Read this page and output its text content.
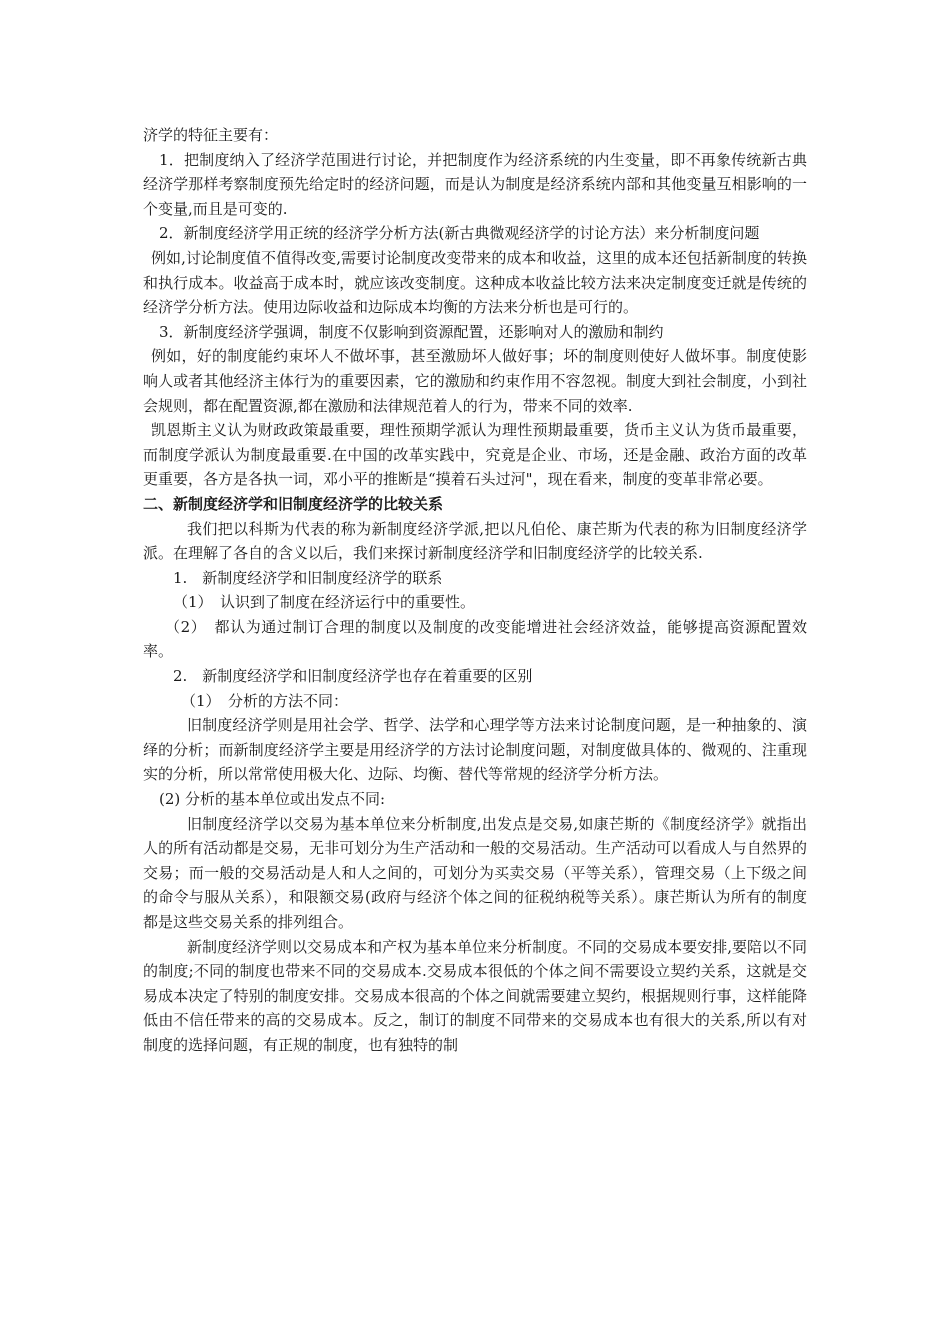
济学的特征主要有：

1．把制度纳入了经济学范围进行讨论，并把制度作为经济系统的内生变量，即不再象传统新古典经济学那样考察制度预先给定时的经济问题，而是认为制度是经济系统内部和其他变量互相影响的一个变量,而且是可变的.

2．新制度经济学用正统的经济学分析方法(新古典微观经济学的讨论方法）来分析制度问题

例如,讨论制度值不值得改变,需要讨论制度改变带来的成本和收益，这里的成本还包括新制度的转换和执行成本。收益高于成本时，就应该改变制度。这种成本收益比较方法来决定制度变迁就是传统的经济学分析方法。使用边际收益和边际成本均衡的方法来分析也是可行的。

3．新制度经济学强调，制度不仅影响到资源配置，还影响对人的激励和制约

例如，好的制度能约束坏人不做坏事，甚至激励坏人做好事；坏的制度则使好人做坏事。制度使影响人或者其他经济主体行为的重要因素，它的激励和约束作用不容忽视。制度大到社会制度，小到社会规则，都在配置资源,都在激励和法律规范着人的行为，带来不同的效率.

凯恩斯主义认为财政政策最重要，理性预期学派认为理性预期最重要，货币主义认为货币最重要，而制度学派认为制度最重要.在中国的改革实践中，究竟是企业、市场，还是金融、政治方面的改革更重要，各方是各执一词，邓小平的推断是“摸着石头过河"，现在看来，制度的变革非常必要。

二、新制度经济学和旧制度经济学的比较关系

我们把以科斯为代表的称为新制度经济学派,把以凡伯伦、康芒斯为代表的称为旧制度经济学派。在理解了各自的含义以后，我们来探讨新制度经济学和旧制度经济学的比较关系.

1.　新制度经济学和旧制度经济学的联系

（1）　认识到了制度在经济运行中的重要性。

（2）　都认为通过制订合理的制度以及制度的改变能增进社会经济效益，能够提高资源配置效率。

2.　新制度经济学和旧制度经济学也存在着重要的区别

（1）　分析的方法不同：

旧制度经济学则是用社会学、哲学、法学和心理学等方法来讨论制度问题，是一种抽象的、演绎的分析；而新制度经济学主要是用经济学的方法讨论制度问题，对制度做具体的、微观的、注重现实的分析，所以常常使用极大化、边际、均衡、替代等常规的经济学分析方法。

(2) 分析的基本单位或出发点不同:

旧制度经济学以交易为基本单位来分析制度,出发点是交易,如康芒斯的《制度经济学》就指出人的所有活动都是交易，无非可划分为生产活动和一般的交易活动。生产活动可以看成人与自然界的交易；而一般的交易活动是人和人之间的，可划分为买卖交易（平等关系），管理交易（上下级之间的命令与服从关系），和限额交易(政府与经济个体之间的征税纳税等关系）。康芒斯认为所有的制度都是这些交易关系的排列组合。

新制度经济学则以交易成本和产权为基本单位来分析制度。不同的交易成本要安排,要陪以不同的制度;不同的制度也带来不同的交易成本.交易成本很低的个体之间不需要设立契约关系，这就是交易成本决定了特别的制度安排。交易成本很高的个体之间就需要建立契约，根据规则行事，这样能降低由不信任带来的高的交易成本。反之，制订的制度不同带来的交易成本也有很大的关系,所以有对制度的选择问题，有正规的制度，也有独特的制
